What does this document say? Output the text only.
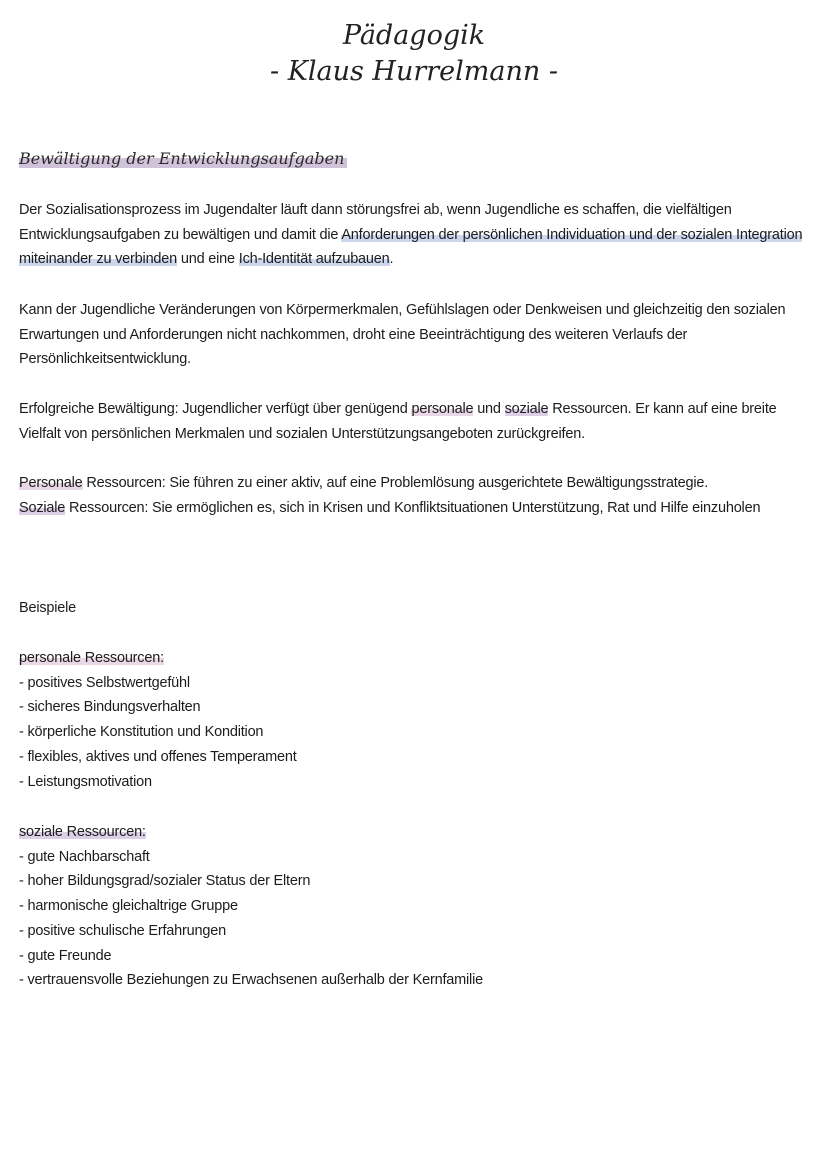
Pädagogik
- Klaus Hurrelmann -
Bewältigung der Entwicklungsaufgaben
Der Sozialisationsprozess im Jugendalter läuft dann störungsfrei ab, wenn Jugendliche es schaffen, die vielfältigen Entwicklungsaufgaben zu bewältigen und damit die Anforderungen der persönlichen Individuation und der sozialen Integration miteinander zu verbinden und eine Ich-Identität aufzubauen.
Kann der Jugendliche Veränderungen von Körpermerkmalen, Gefühlslagen oder Denkweisen und gleichzeitig den sozialen Erwartungen und Anforderungen nicht nachkommen, droht eine Beeinträchtigung des weiteren Verlaufs der Persönlichkeitsentwicklung.
Erfolgreiche Bewältigung: Jugendlicher verfügt über genügend personale und soziale Ressourcen. Er kann auf eine breite Vielfalt von persönlichen Merkmalen und sozialen Unterstützungsangeboten zurückgreifen.
Personale Ressourcen: Sie führen zu einer aktiv, auf eine Problemlösung ausgerichtete Bewältigungsstrategie.
Soziale Ressourcen: Sie ermöglichen es, sich in Krisen und Konfliktsituationen Unterstützung, Rat und Hilfe einzuholen
Beispiele
personale Ressourcen:
- positives Selbstwertgefühl
- sicheres Bindungsverhalten
- körperliche Konstitution und Kondition
- flexibles, aktives und offenes Temperament
- Leistungsmotivation
soziale Ressourcen:
- gute Nachbarschaft
- hoher Bildungsgrad/sozialer Status der Eltern
- harmonische gleichaltrige Gruppe
- positive schulische Erfahrungen
- gute Freunde
- vertrauensvolle Beziehungen zu Erwachsenen außerhalb der Kernfamilie
